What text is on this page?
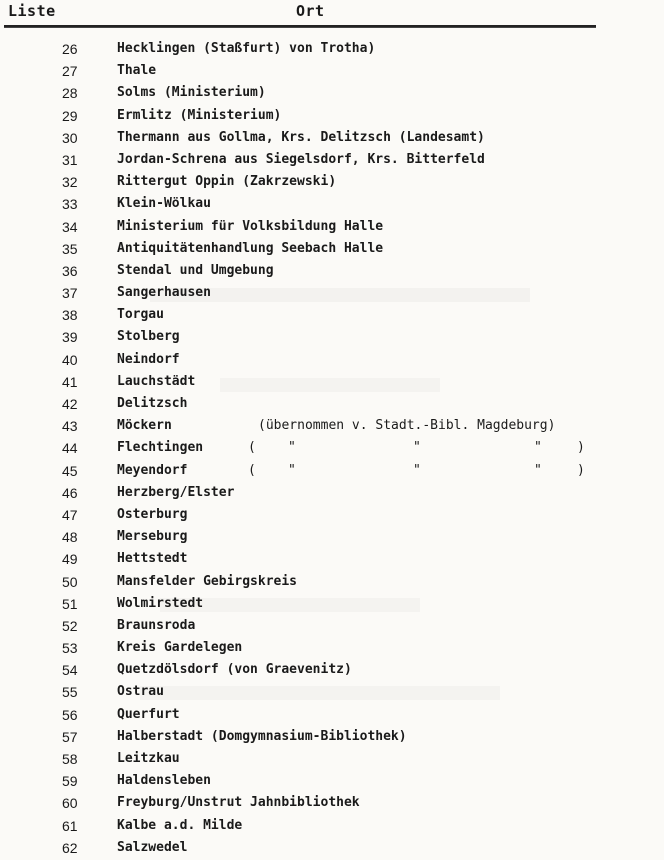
Liste	Ort
26	Hecklingen (Staßfurt) von Trotha)
27	Thale
28	Solms (Ministerium)
29	Ermlitz (Ministerium)
30	Thermann aus Gollma, Krs. Delitzsch (Landesamt)
31	Jordan-Schrena aus Siegelsdorf, Krs. Bitterfeld
32	Rittergut Oppin (Zakrzewski)
33	Klein-Wölkau
34	Ministerium für Volksbildung Halle
35	Antiquitätenhandlung Seebach Halle
36	Stendal und Umgebung
37	Sangerhausen
38	Torgau
39	Stolberg
40	Neindorf
41	Lauchstädt
42	Delitzsch
43	Möckern	(übernommen v. Stadt.-Bibl. Magdeburg)
44	Flechtingen	( "	"	"	)
45	Meyendorf	( "	"	"	)
46	Herzberg/Elster
47	Osterburg
48	Merseburg
49	Hettstedt
50	Mansfelder Gebirgskreis
51	Wolmirstedt
52	Braunsroda
53	Kreis Gardelegen
54	Quetzdölsdorf (von Graevenitz)
55	Ostrau
56	Querfurt
57	Halberstadt (Domgymnasium-Bibliothek)
58	Leitzkau
59	Haldensleben
60	Freyburg/Unstrut Jahnbibliothek
61	Kalbe a.d. Milde
62	Salzwedel
